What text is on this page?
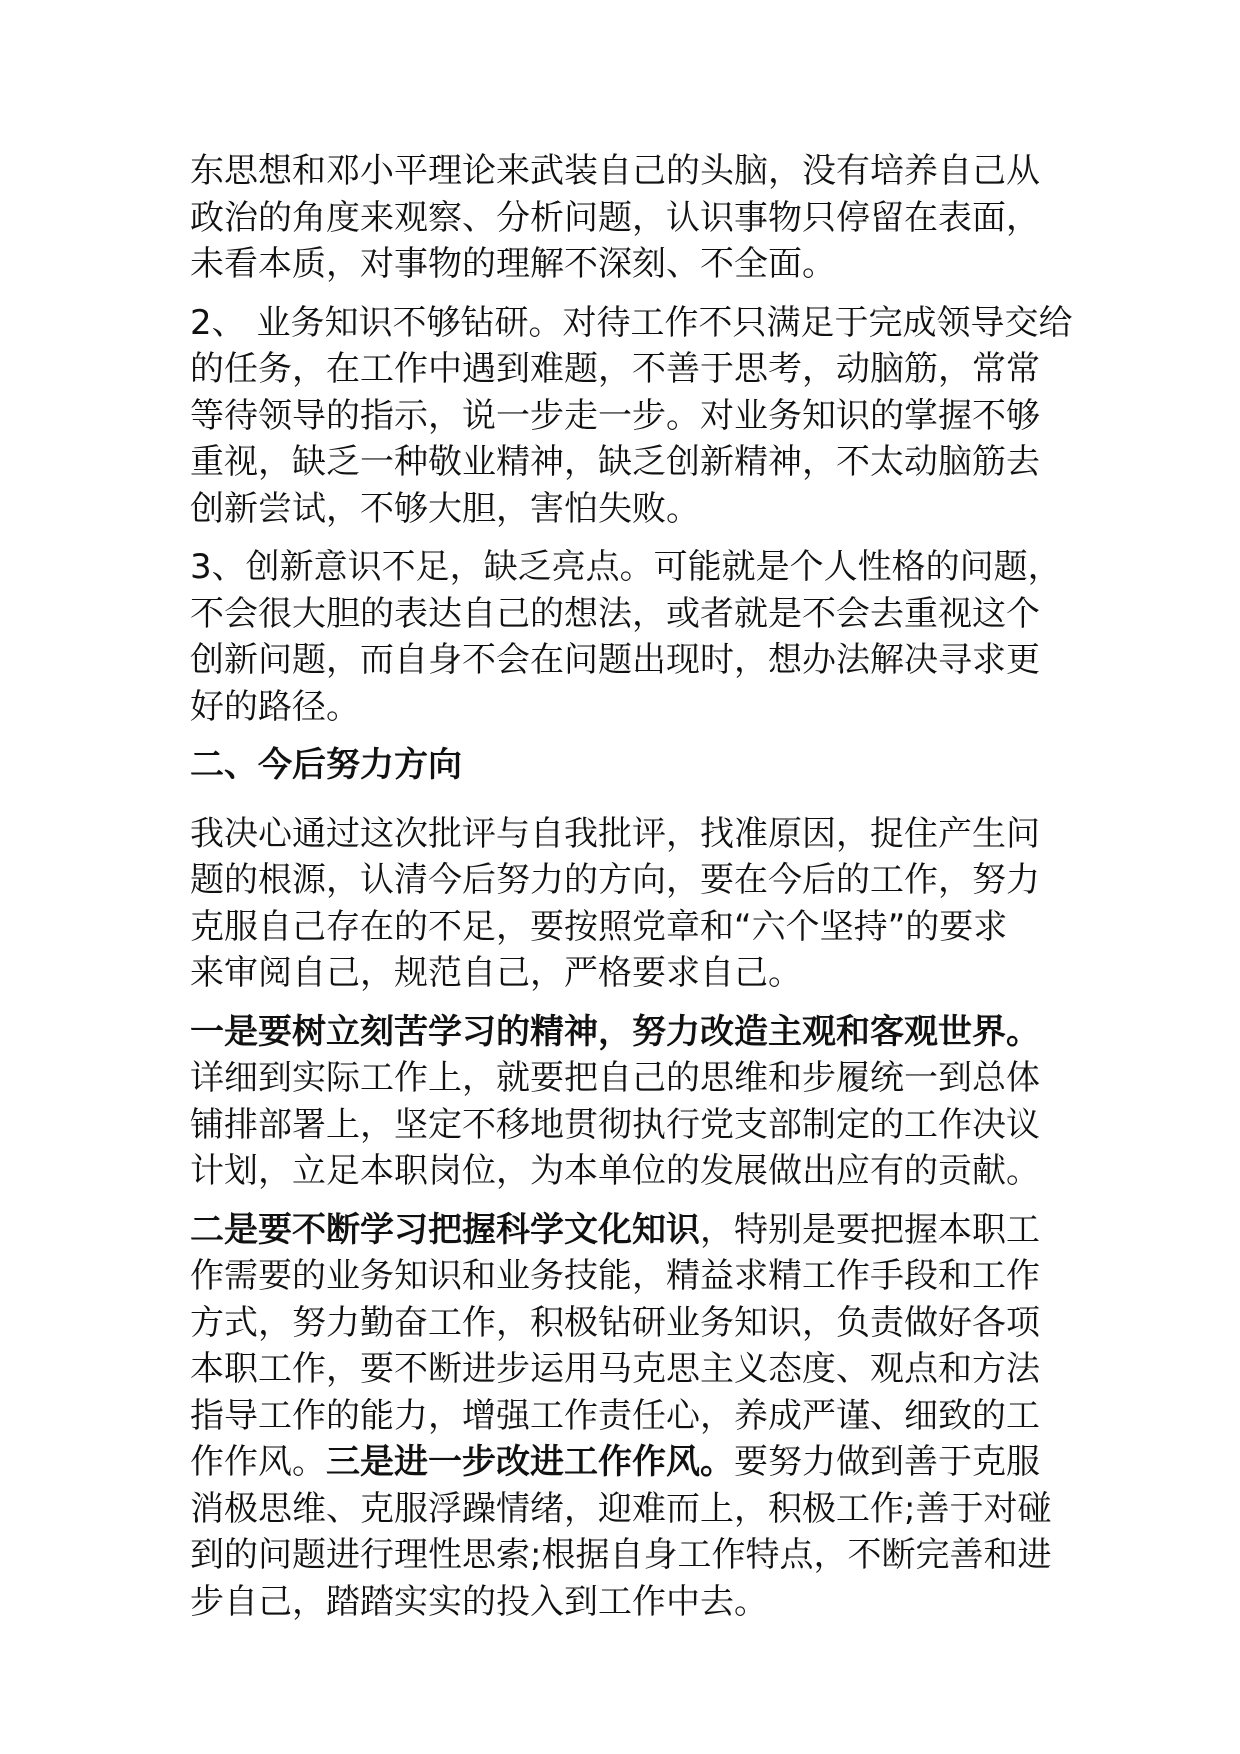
东思想和邓小平理论来武装自己的头脑，没有培养自己从
政治的角度来观察、分析问题，认识事物只停留在表面，
未看本质，对事物的理解不深刻、不全面。

2、 业务知识不够钻研。对待工作不只满足于完成领导交给
的任务，在工作中遇到难题，不善于思考，动脑筋，常常
等待领导的指示，说一步走一步。对业务知识的掌握不够
重视，缺乏一种敬业精神，缺乏创新精神，不太动脑筋去
创新尝试，不够大胆，害怕失败。

3、创新意识不足，缺乏亮点。可能就是个人性格的问题，
不会很大胆的表达自己的想法，或者就是不会去重视这个
创新问题，而自身不会在问题出现时，想办法解决寻求更
好的路径。

二、今后努力方向

我决心通过这次批评与自我批评，找准原因，捉住产生问
题的根源，认清今后努力的方向，要在今后的工作，努力
克服自己存在的不足，要按照党章和“六个坚持”的要求
来审阅自己，规范自己，严格要求自己。

一是要树立刻苦学习的精神，努力改造主观和客观世界。
详细到实际工作上，就要把自己的思维和步履统一到总体
铺排部署上，坚定不移地贯彻执行党支部制定的工作决议
计划，立足本职岗位，为本单位的发展做出应有的贡献。

二是要不断学习把握科学文化知识，特别是要把握本职工
作需要的业务知识和业务技能，精益求精工作手段和工作
方式，努力勤奋工作，积极钻研业务知识，负责做好各项
本职工作，要不断进步运用马克思主义态度、观点和方法
指导工作的能力，增强工作责任心，养成严谨、细致的工
作作风。三是进一步改进工作作风。要努力做到善于克服
消极思维、克服浮躁情绪，迎难而上，积极工作;善于对碰
到的问题进行理性思索;根据自身工作特点，不断完善和进
步自己，踏踏实实的投入到工作中去。
